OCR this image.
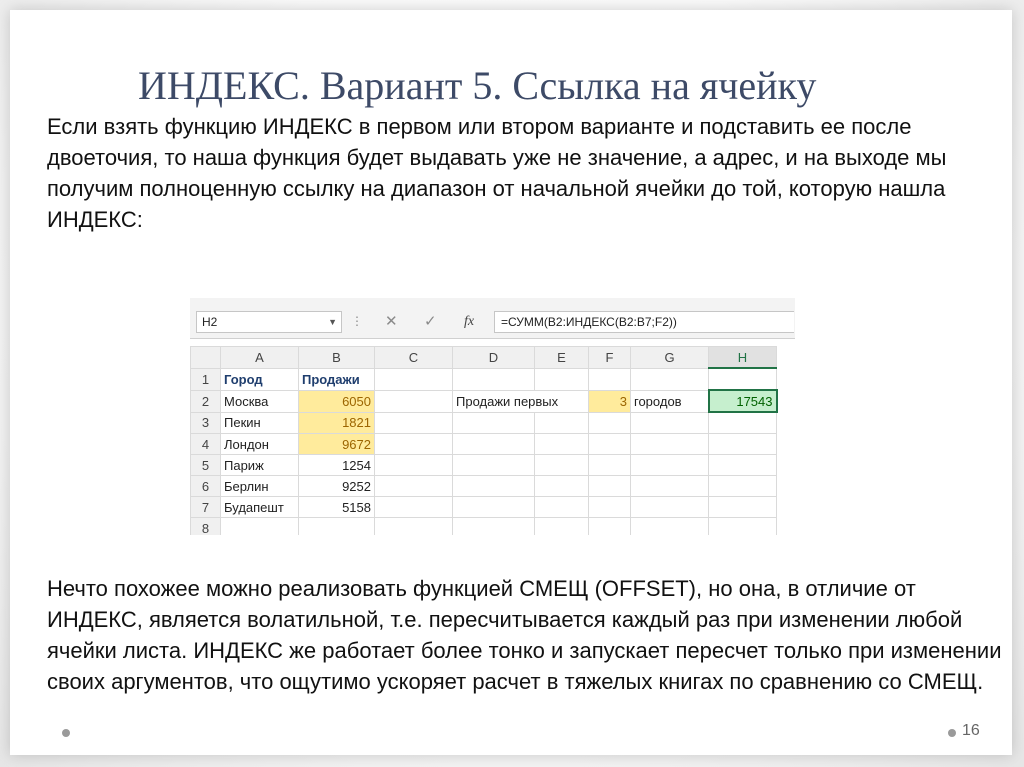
ИНДЕКС. Вариант 5. Ссылка на ячейку
Если взять функцию ИНДЕКС в первом или втором варианте и подставить ее после двоеточия, то наша функция будет выдавать уже не значение, а адрес, и на выходе мы получим полноценную ссылку на диапазон от начальной ячейки до той, которую нашла ИНДЕКС:
H2	▼ ⋮ ✕ ✓ fx	=СУММ(B2:ИНДЕКС(B2:B7;F2))
	A	B	C	D	E	F	G	H
1	Город	Продажи						
2	Москва	6050		Продажи первых		3	городов	17543
3	Пекин	1821						
4	Лондон	9672						
5	Париж	1254						
6	Берлин	9252						
7	Будапешт	5158						
8								
Нечто похожее можно реализовать функцией СМЕЩ (OFFSET), но она, в отличие от ИНДЕКС, является волатильной, т.е. пересчитывается каждый раз при изменении любой ячейки листа. ИНДЕКС же работает более тонко и запускает пересчет только при изменении своих аргументов, что ощутимо ускоряет расчет в тяжелых книгах по сравнению со СМЕЩ.
16
